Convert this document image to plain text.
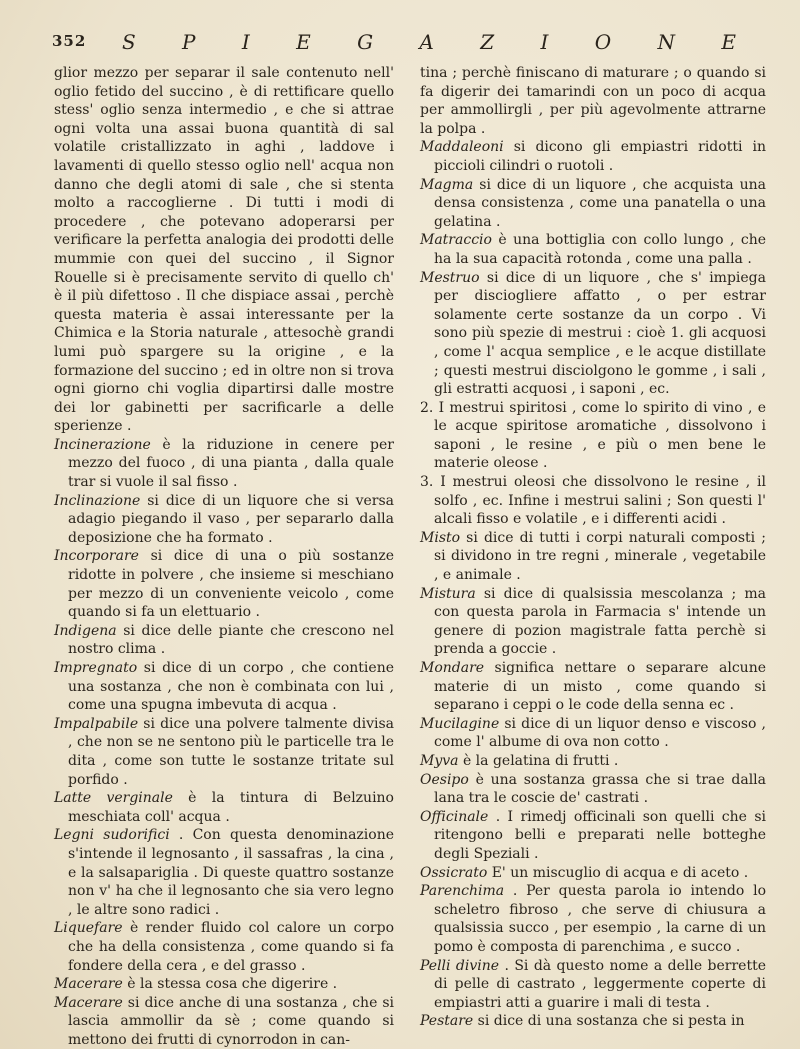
352 S P I E G A Z I O N E

glior mezzo per separar il sale contenuto nell' oglio fetido del succino , è di rettificare quello stess' oglio senza intermedio , e che si attrae ogni volta una assai buona quantità di sal volatile cristallizzato in aghi , laddove i lavamenti di quello stesso oglio nell' acqua non danno che degli atomi di sale , che si stenta molto a raccoglierne . Di tutti i modi di procedere , che potevano adoperarsi per verificare la perfetta analogia dei prodotti delle mummie con quei del succino , il Signor Rouelle si è precisamente servito di quello ch' è il più difettoso . Il che dispiace assai , perchè questa materia è assai interessante per la Chimica e la Storia naturale , attesochè grandi lumi può spargere su la origine , e la formazione del succino ; ed in oltre non si trova ogni giorno chi voglia dipartirsi dalle mostre dei lor gabinetti per sacrificarle a delle sperienze .

Incinerazione è la riduzione in cenere per mezzo del fuoco , di una pianta , dalla quale trar si vuole il sal fisso .

Inclinazione si dice di un liquore che si versa adagio piegando il vaso , per separarlo dalla deposizione che ha formato .

Incorporare si dice di una o più sostanze ridotte in polvere , che insieme si meschiano per mezzo di un conveniente veicolo , come quando si fa un elettuario .

Indigena si dice delle piante che crescono nel nostro clima .

Impregnato si dice di un corpo , che contiene una sostanza , che non è combinata con lui , come una spugna imbevuta di acqua .

Impalpabile si dice una polvere talmente divisa , che non se ne sentono più le particelle tra le dita , come son tutte le sostanze tritate sul porfido .

Latte verginale è la tintura di Belzuino meschiata coll' acqua .

Legni sudorifici . Con questa denominazione s'intende il legnosanto , il sassafras , la cina , e la salsapariglia . Di queste quattro sostanze non v' ha che il legnosanto che sia vero legno , le altre sono radici .

Liquefare è render fluido col calore un corpo che ha della consistenza , come quando si fa fondere della cera , e del grasso .

Macerare è la stessa cosa che digerire .

Macerare si dice anche di una sostanza , che si lascia ammollir da sè ; come quando si mettono dei frutti di cynorrodon in can-

tina ; perchè finiscano di maturare ; o quando si fa digerir dei tamarindi con un poco di acqua per ammollirgli , per più agevolmente attrarne la polpa .

Maddaleoni si dicono gli empiastri ridotti in piccioli cilindri o ruotoli .

Magma si dice di un liquore , che acquista una densa consistenza , come una panatella o una gelatina .

Matraccio è una bottiglia con collo lungo , che ha la sua capacità rotonda , come una palla .

Mestruo si dice di un liquore , che s' impiega per disciogliere affatto , o per estrar solamente certe sostanze da un corpo . Vi sono più spezie di mestrui : cioè 1. gli acquosi , come l' acqua semplice , e le acque distillate ; questi mestrui disciolgono le gomme , i sali , gli estratti acquosi , i saponi , ec.

2. I mestrui spiritosi , come lo spirito di vino , e le acque spiritose aromatiche , dissolvono i saponi , le resine , e più o men bene le materie oleose .

3. I mestrui oleosi che dissolvono le resine , il solfo , ec. Infine i mestrui salini ; Son questi l' alcali fisso e volatile , e i differenti acidi .

Misto si dice di tutti i corpi naturali composti ; si dividono in tre regni , minerale , vegetabile , e animale .

Mistura si dice di qualsissia mescolanza ; ma con questa parola in Farmacia s' intende un genere di pozion magistrale fatta perchè si prenda a goccie .

Mondare significa nettare o separare alcune materie di un misto , come quando si separano i ceppi o le code della senna ec .

Mucilagine si dice di un liquor denso e viscoso , come l' albume di ova non cotto .

Myva è la gelatina di frutti .

Oesipo è una sostanza grassa che si trae dalla lana tra le coscie de' castrati .

Officinale . I rimedj officinali son quelli che si ritengono belli e preparati nelle botteghe degli Speziali .

Ossicrato E' un miscuglio di acqua e di aceto .

Parenchima . Per questa parola io intendo lo scheletro fibroso , che serve di chiusura a qualsissia succo , per esempio , la carne di un pomo è composta di parenchima , e succo .

Pelli divine . Si dà questo nome a delle berrette di pelle di castrato , leggermente coperte di empiastri atti a guarire i mali di testa .

Pestare si dice di una sostanza che si pesta in
